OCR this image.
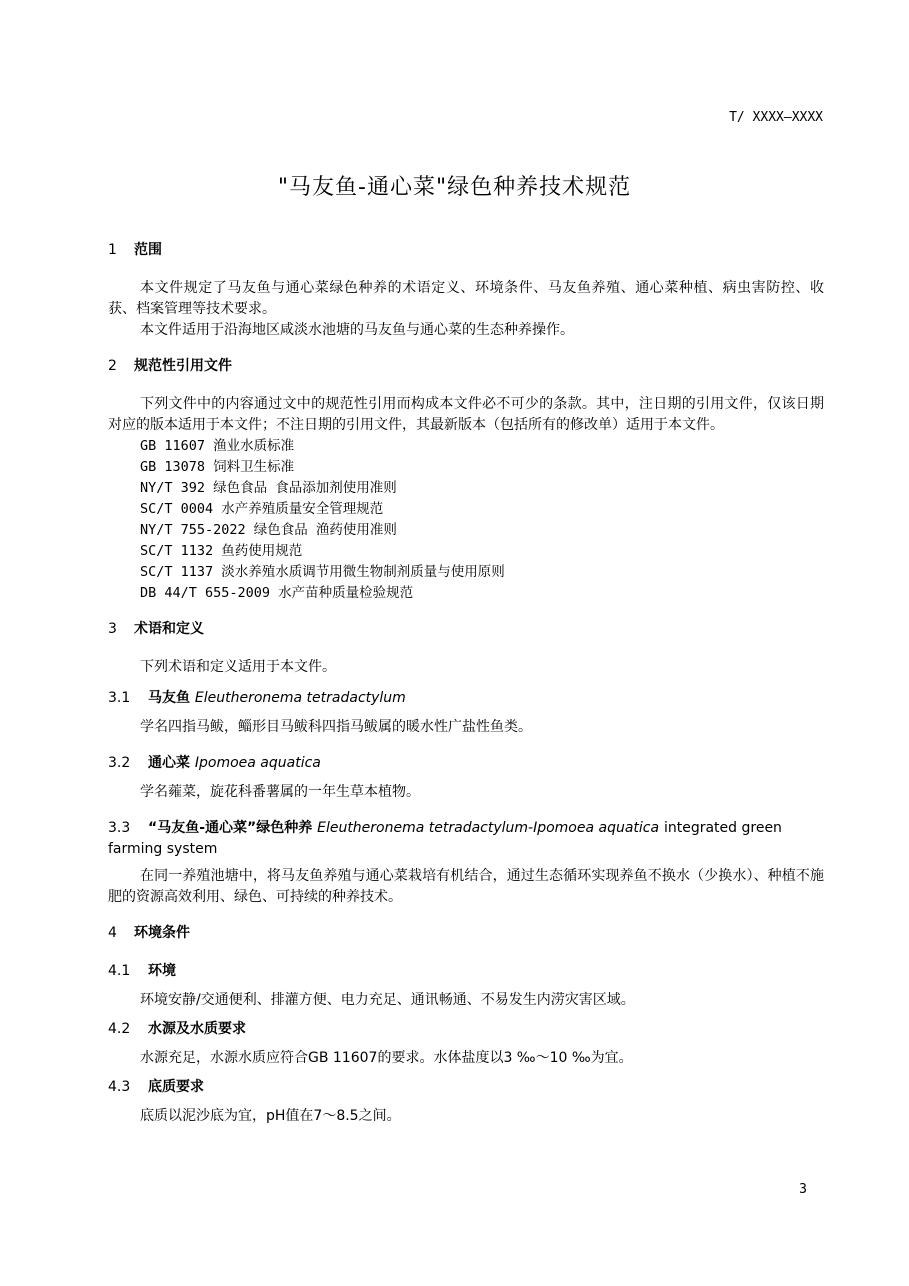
T/ XXXX—XXXX
"马友鱼-通心菜"绿色种养技术规范

1 范围

本文件规定了马友鱼与通心菜绿色种养的术语定义、环境条件、马友鱼养殖、通心菜种植、病虫害防控、收获、档案管理等技术要求。

本文件适用于沿海地区咸淡水池塘的马友鱼与通心菜的生态种养操作。

2 规范性引用文件

下列文件中的内容通过文中的规范性引用而构成本文件必不可少的条款。其中，注日期的引用文件，仅该日期对应的版本适用于本文件；不注日期的引用文件，其最新版本（包括所有的修改单）适用于本文件。

GB 11607 渔业水质标准

GB 13078 饲料卫生标准

NY/T 392 绿色食品 食品添加剂使用准则

SC/T 0004 水产养殖质量安全管理规范

NY/T 755-2022 绿色食品 渔药使用准则

SC/T 1132 鱼药使用规范

SC/T 1137 淡水养殖水质调节用微生物制剂质量与使用原则

DB 44/T 655-2009 水产苗种质量检验规范

3 术语和定义

下列术语和定义适用于本文件。

3.1 马友鱼 Eleutheronema tetradactylum

学名四指马鲅，鲻形目马鲅科四指马鲅属的暖水性广盐性鱼类。

3.2 通心菜 Ipomoea aquatica

学名蕹菜，旋花科番薯属的一年生草本植物。

3.3 “马友鱼-通心菜”绿色种养 Eleutheronema tetradactylum-Ipomoea aquatica integrated green farming system

在同一养殖池塘中，将马友鱼养殖与通心菜栽培有机结合，通过生态循环实现养鱼不换水（少换水）、种植不施肥的资源高效利用、绿色、可持续的种养技术。

4 环境条件

4.1 环境

环境安静/交通便利、排灌方便、电力充足、通讯畅通、不易发生内涝灾害区域。

4.2 水源及水质要求

水源充足，水源水质应符合GB 11607的要求。水体盐度以3 ‰～10 ‰为宜。

4.3 底质要求

底质以泥沙底为宜，pH值在7～8.5之间。

3
